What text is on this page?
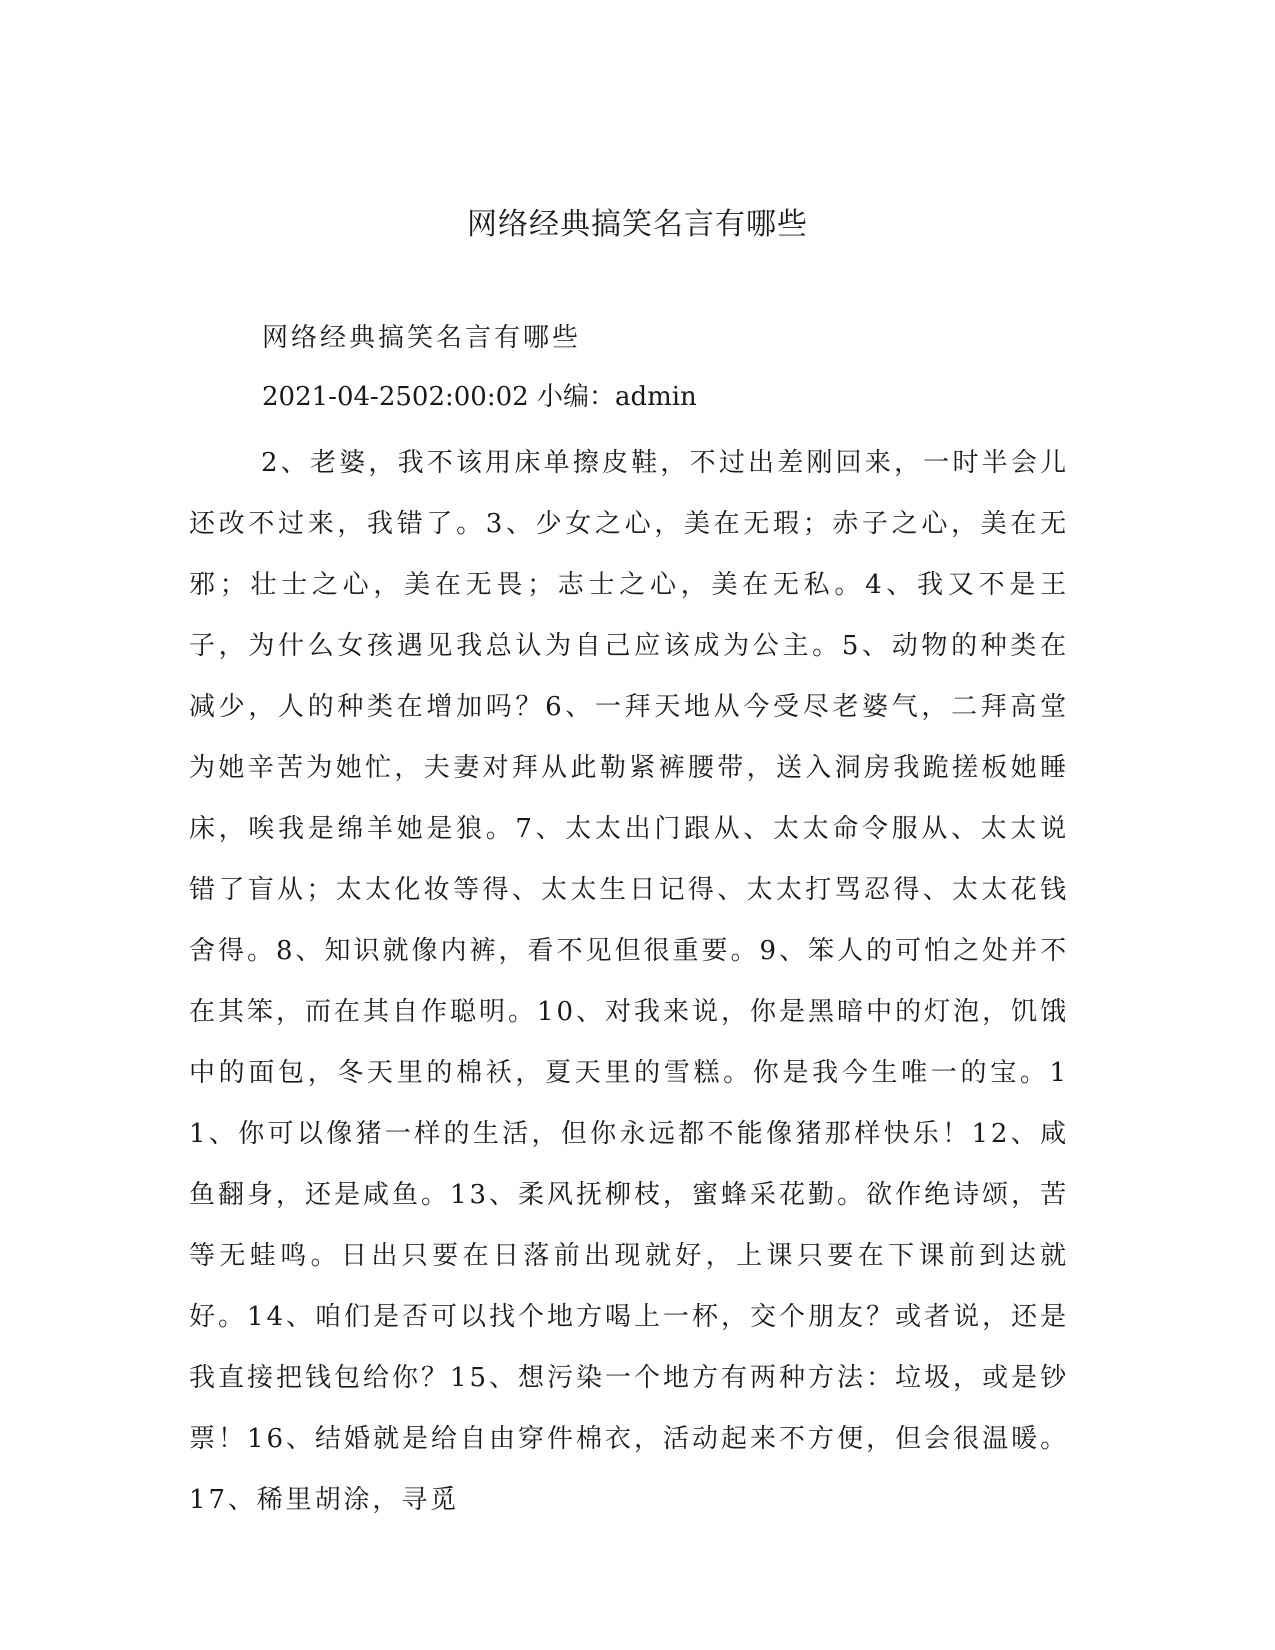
网络经典搞笑名言有哪些
网络经典搞笑名言有哪些
2021-04-2502:00:02 小编：admin

2、老婆，我不该用床单擦皮鞋，不过出差刚回来，一时半会儿还改不过来，我错了。3、少女之心，美在无瑕；赤子之心，美在无邪；壮士之心，美在无畏；志士之心，美在无私。4、我又不是王子，为什么女孩遇见我总认为自己应该成为公主。5、动物的种类在减少，人的种类在增加吗？6、一拜天地从今受尽老婆气，二拜高堂为她辛苦为她忙，夫妻对拜从此勒紧裤腰带，送入洞房我跪搓板她睡床，唉我是绵羊她是狼。7、太太出门跟从、太太命令服从、太太说错了盲从；太太化妆等得、太太生日记得、太太打骂忍得、太太花钱舍得。8、知识就像内裤，看不见但很重要。9、笨人的可怕之处并不在其笨，而在其自作聪明。10、对我来说，你是黑暗中的灯泡，饥饿中的面包，冬天里的棉袄，夏天里的雪糕。你是我今生唯一的宝。11、你可以像猪一样的生活，但你永远都不能像猪那样快乐！12、咸鱼翻身，还是咸鱼。13、柔风抚柳枝，蜜蜂采花勤。欲作绝诗颂，苦等无蛙鸣。日出只要在日落前出现就好，上课只要在下课前到达就好。14、咱们是否可以找个地方喝上一杯，交个朋友？或者说，还是我直接把钱包给你？15、想污染一个地方有两种方法：垃圾，或是钞票！16、结婚就是给自由穿件棉衣，活动起来不方便，但会很温暖。17、稀里胡涂，寻觅
